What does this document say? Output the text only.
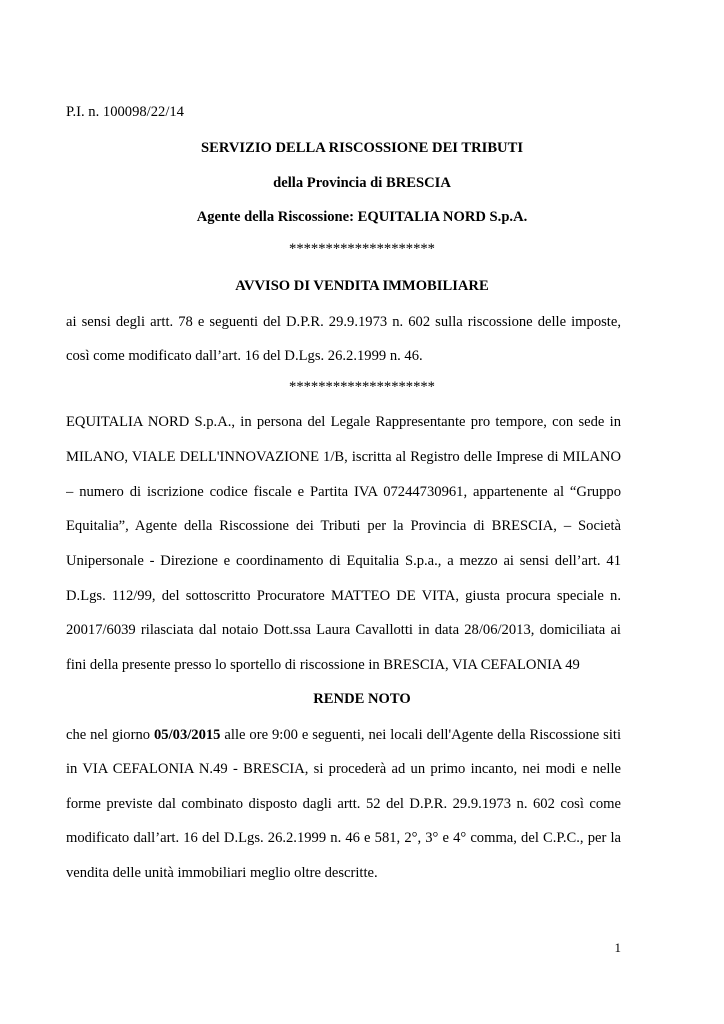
P.I. n. 100098/22/14
SERVIZIO DELLA RISCOSSIONE DEI TRIBUTI
della Provincia di BRESCIA
Agente della Riscossione: EQUITALIA NORD S.p.A.
********************
AVVISO DI VENDITA IMMOBILIARE
ai sensi degli artt. 78 e seguenti del D.P.R. 29.9.1973 n. 602 sulla riscossione delle imposte,
così come modificato dall’art. 16 del D.Lgs. 26.2.1999 n. 46.
********************
EQUITALIA NORD S.p.A., in persona del Legale Rappresentante pro tempore, con sede in
MILANO, VIALE DELL'INNOVAZIONE 1/B, iscritta al Registro delle Imprese di MILANO
– numero di iscrizione codice fiscale e Partita IVA 07244730961, appartenente al “Gruppo
Equitalia”, Agente della Riscossione dei Tributi per la Provincia di BRESCIA, – Società
Unipersonale - Direzione e coordinamento di Equitalia S.p.a., a mezzo ai sensi dell’art. 41
D.Lgs. 112/99, del sottoscritto Procuratore MATTEO DE VITA, giusta procura speciale n.
20017/6039 rilasciata dal notaio Dott.ssa Laura Cavallotti in data 28/06/2013, domiciliata ai
fini della presente presso lo sportello di riscossione in BRESCIA, VIA CEFALONIA 49
RENDE NOTO
che nel giorno 05/03/2015 alle ore 9:00 e seguenti, nei locali dell'Agente della Riscossione siti
in VIA CEFALONIA N.49 - BRESCIA, si procederà ad un primo incanto, nei modi e nelle
forme previste dal combinato disposto dagli artt. 52 del D.P.R. 29.9.1973 n. 602 così come
modificato dall’art. 16 del D.Lgs. 26.2.1999 n. 46 e 581, 2°, 3° e 4° comma, del C.P.C., per la
vendita delle unità immobiliari meglio oltre descritte.
1
